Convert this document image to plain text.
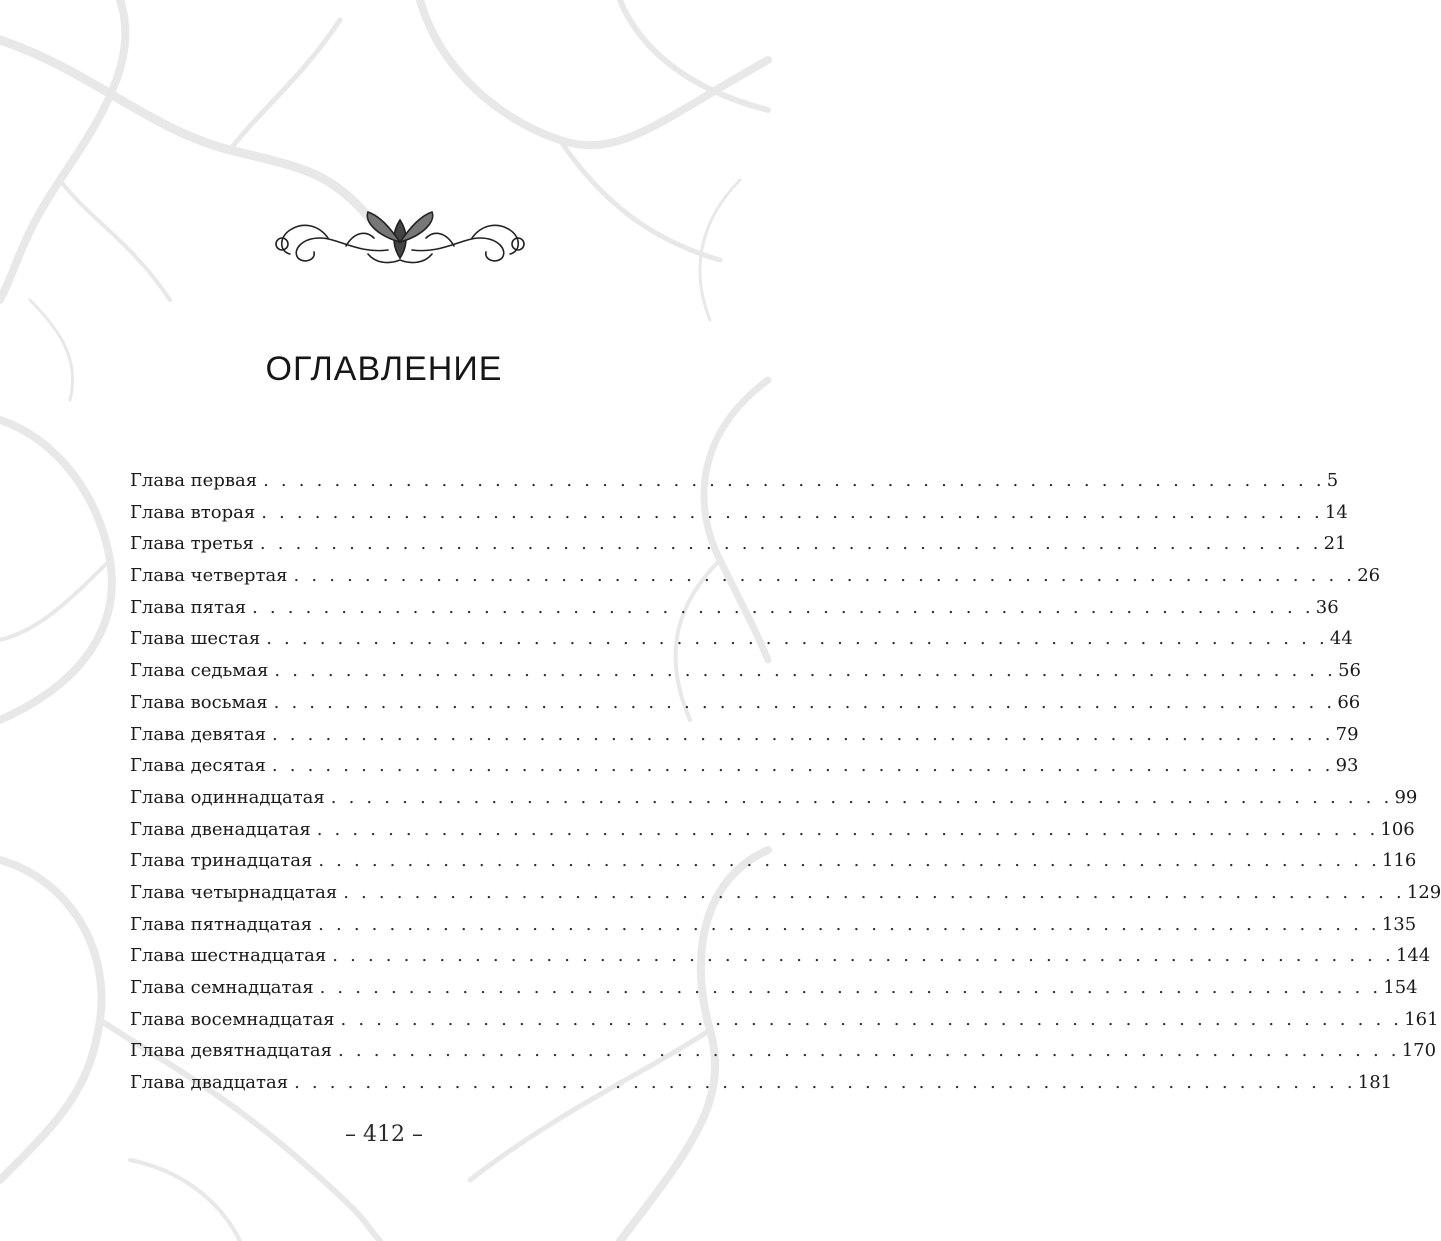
ОГЛАВЛЕНИЕ
Глава первая . . . . . . . . . . . . . . . . . . . . . . . . . . . . . . . . . . . . . . . . . . . . . . . . . . . . . . . . . . . . 5
Глава вторая . . . . . . . . . . . . . . . . . . . . . . . . . . . . . . . . . . . . . . . . . . . . . . . . . . . . . . . . . . . . 14
Глава третья . . . . . . . . . . . . . . . . . . . . . . . . . . . . . . . . . . . . . . . . . . . . . . . . . . . . . . . . . . . . 21
Глава четвертая . . . . . . . . . . . . . . . . . . . . . . . . . . . . . . . . . . . . . . . . . . . . . . . . . . . . . . . . . . . . 26
Глава пятая . . . . . . . . . . . . . . . . . . . . . . . . . . . . . . . . . . . . . . . . . . . . . . . . . . . . . . . . . . . . 36
Глава шестая . . . . . . . . . . . . . . . . . . . . . . . . . . . . . . . . . . . . . . . . . . . . . . . . . . . . . . . . . . . . 44
Глава седьмая . . . . . . . . . . . . . . . . . . . . . . . . . . . . . . . . . . . . . . . . . . . . . . . . . . . . . . . . . . . . 56
Глава восьмая . . . . . . . . . . . . . . . . . . . . . . . . . . . . . . . . . . . . . . . . . . . . . . . . . . . . . . . . . . . . 66
Глава девятая . . . . . . . . . . . . . . . . . . . . . . . . . . . . . . . . . . . . . . . . . . . . . . . . . . . . . . . . . . . . 79
Глава десятая . . . . . . . . . . . . . . . . . . . . . . . . . . . . . . . . . . . . . . . . . . . . . . . . . . . . . . . . . . . . 93
Глава одиннадцатая . . . . . . . . . . . . . . . . . . . . . . . . . . . . . . . . . . . . . . . . . . . . . . . . . . . . . . . . . . . . 99
Глава двенадцатая . . . . . . . . . . . . . . . . . . . . . . . . . . . . . . . . . . . . . . . . . . . . . . . . . . . . . . . . . . . . 106
Глава тринадцатая . . . . . . . . . . . . . . . . . . . . . . . . . . . . . . . . . . . . . . . . . . . . . . . . . . . . . . . . . . . . 116
Глава четырнадцатая . . . . . . . . . . . . . . . . . . . . . . . . . . . . . . . . . . . . . . . . . . . . . . . . . . . . . . . . . . . . 129
Глава пятнадцатая . . . . . . . . . . . . . . . . . . . . . . . . . . . . . . . . . . . . . . . . . . . . . . . . . . . . . . . . . . . . 135
Глава шестнадцатая . . . . . . . . . . . . . . . . . . . . . . . . . . . . . . . . . . . . . . . . . . . . . . . . . . . . . . . . . . . . 144
Глава семнадцатая . . . . . . . . . . . . . . . . . . . . . . . . . . . . . . . . . . . . . . . . . . . . . . . . . . . . . . . . . . . . 154
Глава восемнадцатая . . . . . . . . . . . . . . . . . . . . . . . . . . . . . . . . . . . . . . . . . . . . . . . . . . . . . . . . . . . . 161
Глава девятнадцатая . . . . . . . . . . . . . . . . . . . . . . . . . . . . . . . . . . . . . . . . . . . . . . . . . . . . . . . . . . . . 170
Глава двадцатая . . . . . . . . . . . . . . . . . . . . . . . . . . . . . . . . . . . . . . . . . . . . . . . . . . . . . . . . . . . . 181
– 412 –
